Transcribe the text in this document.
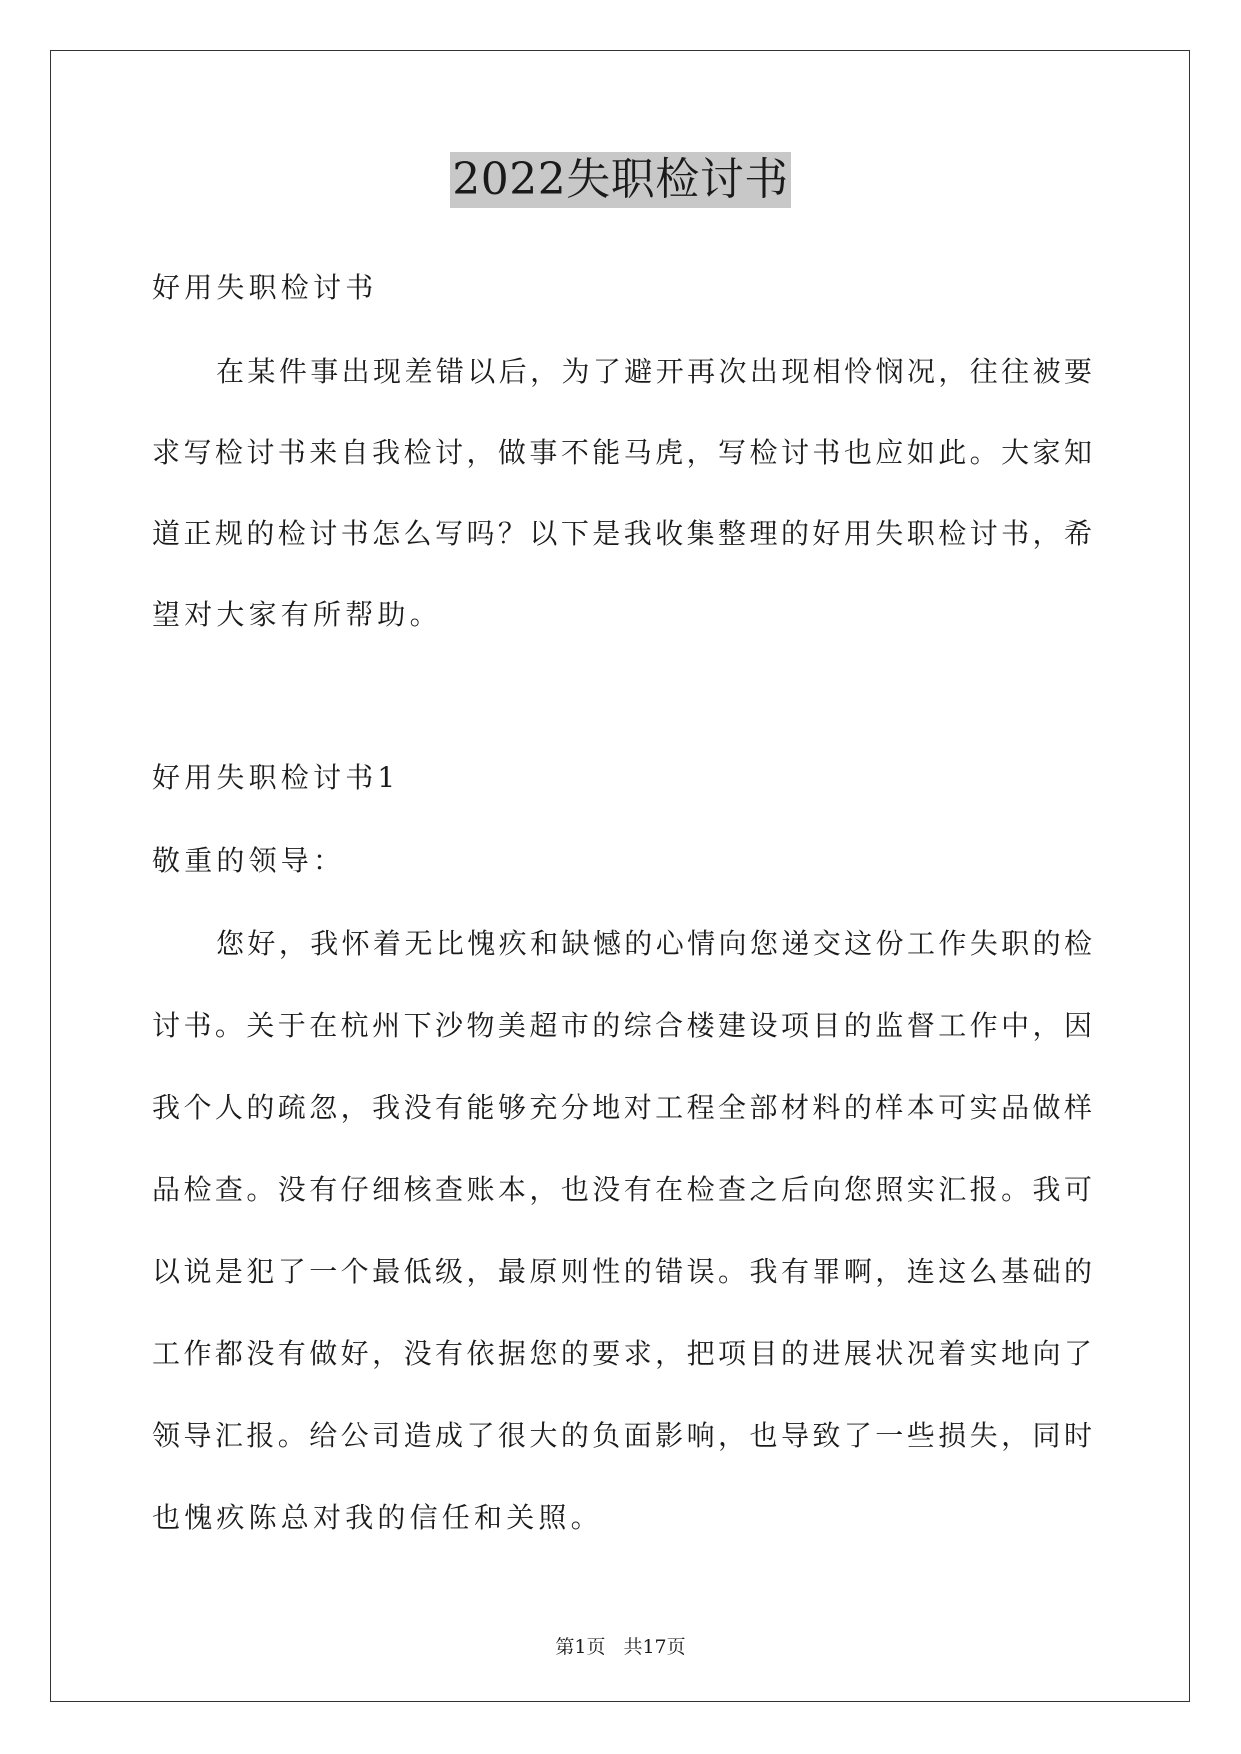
2022失职检讨书
好用失职检讨书
在某件事出现差错以后，为了避开再次出现相怜悯况，往往被要
求写检讨书来自我检讨，做事不能马虎，写检讨书也应如此。大家知
道正规的检讨书怎么写吗？以下是我收集整理的好用失职检讨书，希
望对大家有所帮助。
好用失职检讨书1
敬重的领导：
您好，我怀着无比愧疚和缺憾的心情向您递交这份工作失职的检
讨书。关于在杭州下沙物美超市的综合楼建设项目的监督工作中，因
我个人的疏忽，我没有能够充分地对工程全部材料的样本可实品做样
品检查。没有仔细核查账本，也没有在检查之后向您照实汇报。我可
以说是犯了一个最低级，最原则性的错误。我有罪啊，连这么基础的
工作都没有做好，没有依据您的要求，把项目的进展状况着实地向了
领导汇报。给公司造成了很大的负面影响，也导致了一些损失，同时
也愧疚陈总对我的信任和关照。
第1页 共17页
